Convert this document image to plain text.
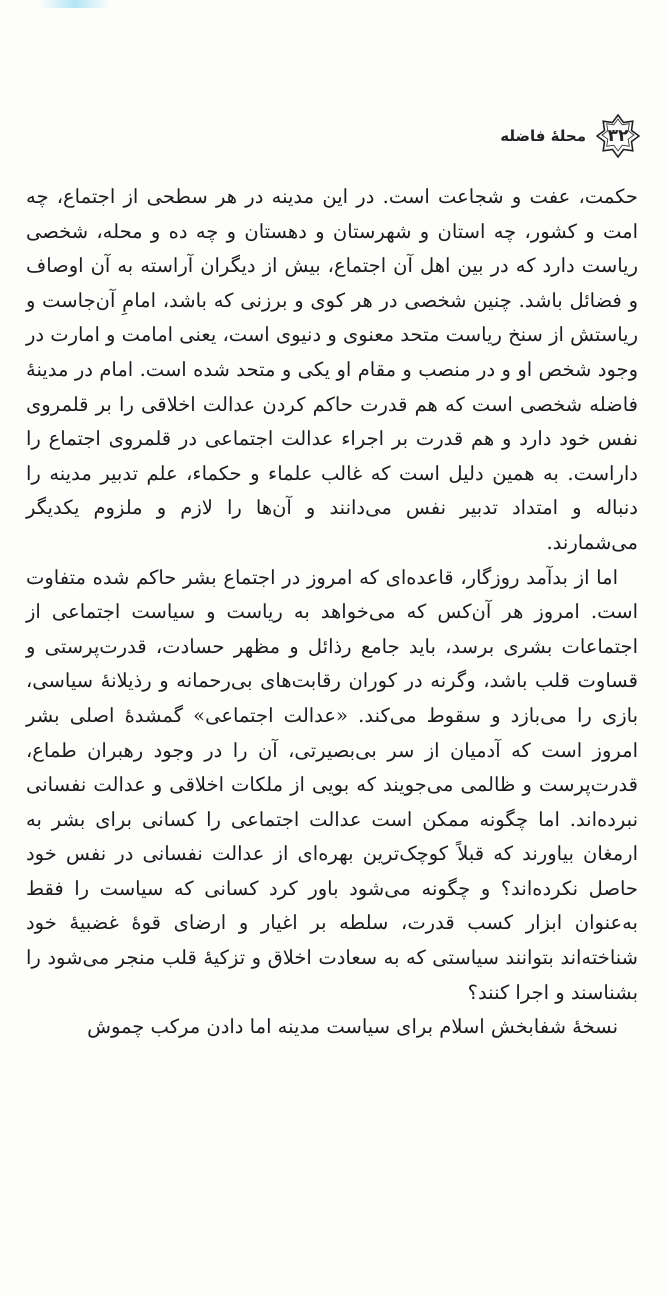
۳۲
محلهٔ فاضله

حکمت، عفت و شجاعت است. در این مدینه در هر سطحی از اجتماع، چه امت و کشور، چه استان و شهرستان و دهستان و چه ده و محله، شخصی ریاست دارد که در بین اهل آن اجتماع، بیش از دیگران آراسته به آن اوصاف و فضائل باشد. چنین شخصی در هر کوی و برزنی که باشد، امامِ آن‌جاست و ریاستش از سنخ ریاست متحد معنوی و دنیوی است، یعنی امامت و امارت در وجود شخص او و در منصب و مقام او یکی و متحد شده است. امام در مدینهٔ فاضله شخصی است که هم قدرت حاکم کردن عدالت اخلاقی را بر قلمروی نفس خود دارد و هم قدرت بر اجراء عدالت اجتماعی در قلمروی اجتماع را داراست. به همین دلیل است که غالب علماء و حکماء، علم تدبیر مدینه را دنباله و امتداد تدبیر نفس می‌دانند و آن‌ها را لازم و ملزوم یکدیگر می‌شمارند.

اما از بدآمد روزگار، قاعده‌ای که امروز در اجتماع بشر حاکم شده متفاوت است. امروز هر آن‌کس که می‌خواهد به ریاست و سیاست اجتماعی از اجتماعات بشری برسد، باید جامع رذائل و مظهر حسادت، قدرت‌پرستی و قساوت قلب باشد، وگرنه در کوران رقابت‌های بی‌رحمانه و رذیلانهٔ سیاسی، بازی را می‌بازد و سقوط می‌کند. «عدالت اجتماعی» گمشدهٔ اصلی بشر امروز است که آدمیان از سر بی‌بصیرتی، آن را در وجود رهبران طماع، قدرت‌پرست و ظالمی می‌جویند که بویی از ملکات اخلاقی و عدالت نفسانی نبرده‌اند. اما چگونه ممکن است عدالت اجتماعی را کسانی برای بشر به ارمغان بیاورند که قبلاً کوچک‌ترین بهره‌ای از عدالت نفسانی در نفس خود حاصل نکرده‌اند؟ و چگونه می‌شود باور کرد کسانی که سیاست را فقط به‌عنوان ابزار کسب قدرت، سلطه بر اغیار و ارضای قوهٔ غضبیهٔ خود شناخته‌اند بتوانند سیاستی که به سعادت اخلاق و تزکیهٔ قلب منجر می‌شود را بشناسند و اجرا کنند؟

نسخهٔ شفابخش اسلام برای سیاست مدینه اما دادن مرکب چموش
